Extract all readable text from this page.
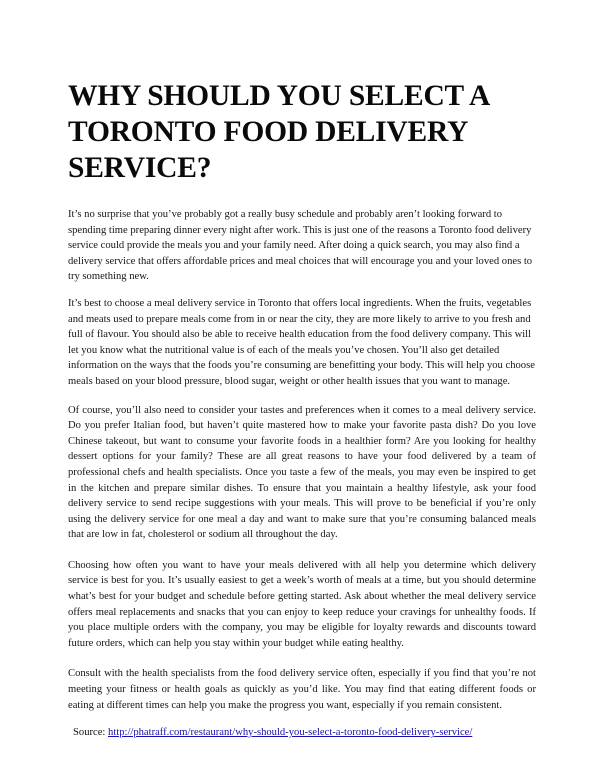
WHY SHOULD YOU SELECT A TORONTO FOOD DELIVERY SERVICE?

It’s no surprise that you’ve probably got a really busy schedule and probably aren’t looking forward to spending time preparing dinner every night after work. This is just one of the reasons a Toronto food delivery service could provide the meals you and your family need. After doing a quick search, you may also find a delivery service that offers affordable prices and meal choices that will encourage you and your loved ones to try something new.

It’s best to choose a meal delivery service in Toronto that offers local ingredients. When the fruits, vegetables and meats used to prepare meals come from in or near the city, they are more likely to arrive to you fresh and full of flavour. You should also be able to receive health education from the food delivery company. This will let you know what the nutritional value is of each of the meals you’ve chosen. You’ll also get detailed information on the ways that the foods you’re consuming are benefitting your body. This will help you choose meals based on your blood pressure, blood sugar, weight or other health issues that you want to manage.

Of course, you’ll also need to consider your tastes and preferences when it comes to a meal delivery service. Do you prefer Italian food, but haven’t quite mastered how to make your favorite pasta dish? Do you love Chinese takeout, but want to consume your favorite foods in a healthier form? Are you looking for healthy dessert options for your family? These are all great reasons to have your food delivered by a team of professional chefs and health specialists. Once you taste a few of the meals, you may even be inspired to get in the kitchen and prepare similar dishes. To ensure that you maintain a healthy lifestyle, ask your food delivery service to send recipe suggestions with your meals. This will prove to be beneficial if you’re only using the delivery service for one meal a day and want to make sure that you’re consuming balanced meals that are low in fat, cholesterol or sodium all throughout the day.

Choosing how often you want to have your meals delivered with all help you determine which delivery service is best for you. It’s usually easiest to get a week’s worth of meals at a time, but you should determine what’s best for your budget and schedule before getting started. Ask about whether the meal delivery service offers meal replacements and snacks that you can enjoy to keep reduce your cravings for unhealthy foods. If you place multiple orders with the company, you may be eligible for loyalty rewards and discounts toward future orders, which can help you stay within your budget while eating healthy.

Consult with the health specialists from the food delivery service often, especially if you find that you’re not meeting your fitness or health goals as quickly as you’d like. You may find that eating different foods or eating at different times can help you make the progress you want, especially if you remain consistent.

Source: http://phatraff.com/restaurant/why-should-you-select-a-toronto-food-delivery-service/
